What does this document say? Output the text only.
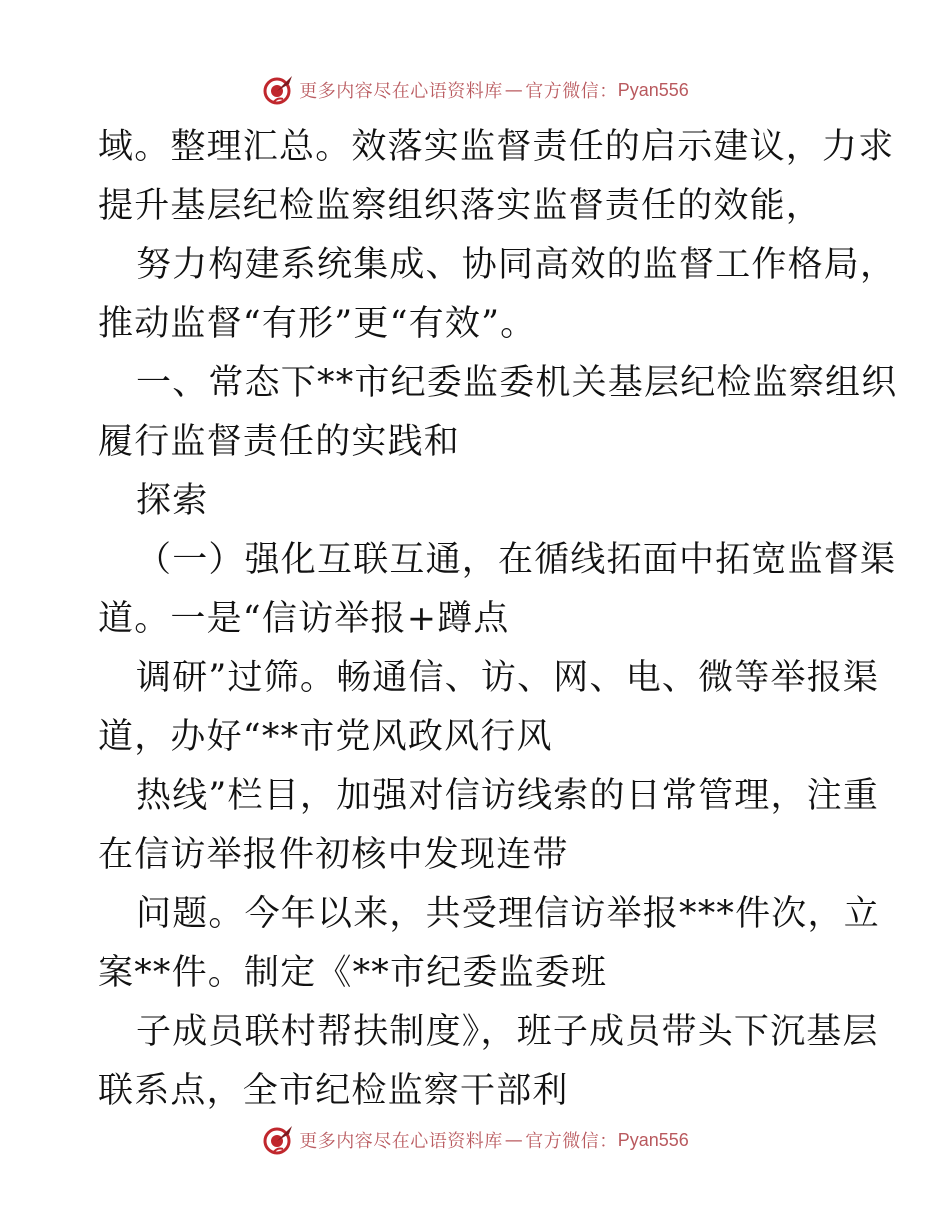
更多内容尽在心语资料库 — 官方微信： Pyan556
域。整理汇总。效落实监督责任的启示建议，力求
提升基层纪检监察组织落实监督责任的效能，
努力构建系统集成、协同高效的监督工作格局，
推动监督“有形”更“有效”。
一、常态下**市纪委监委机关基层纪检监察组织
履行监督责任的实践和
探索
（一）强化互联互通，在循线拓面中拓宽监督渠
道。一是“信访举报+蹲点
调研”过筛。畅通信、访、网、电、微等举报渠
道，办好“**市党风政风行风
热线”栏目，加强对信访线索的日常管理，注重
在信访举报件初核中发现连带
问题。今年以来，共受理信访举报***件次，立
案**件。制定《**市纪委监委班
子成员联村帮扶制度》，班子成员带头下沉基层
联系点，全市纪检监察干部利
更多内容尽在心语资料库 — 官方微信： Pyan556
